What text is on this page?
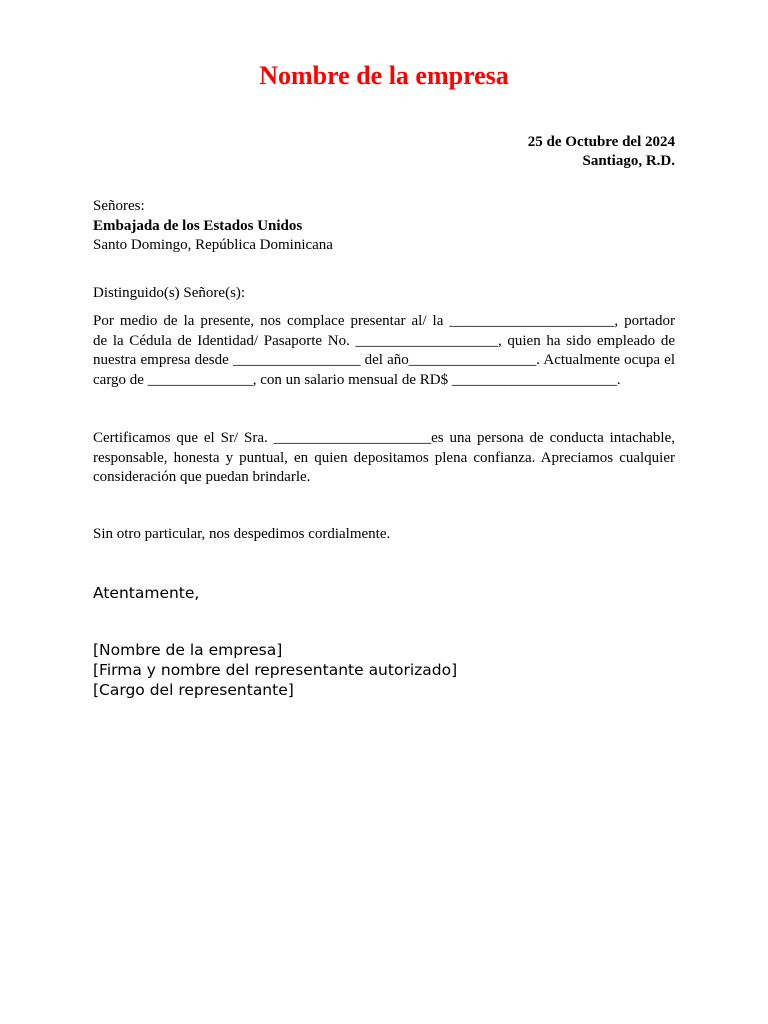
Nombre de la empresa
25 de Octubre del 2024
Santiago, R.D.
Señores:
Embajada de los Estados Unidos
Santo Domingo, República Dominicana
Distinguido(s) Señore(s):
Por medio de la presente, nos complace presentar al/ la ______________________, portador
de la Cédula de Identidad/ Pasaporte No. ___________________, quien ha sido empleado de
nuestra empresa desde _________________ del año_________________. Actualmente ocupa el
cargo de ______________, con un salario mensual de RD$ ______________________.
Certificamos que el Sr/ Sra. _____________________es una persona de conducta intachable,
responsable, honesta y puntual, en quien depositamos plena confianza. Apreciamos cualquier
consideración que puedan brindarle.
Sin otro particular, nos despedimos cordialmente.
Atentamente,
[Nombre de la empresa]
[Firma y nombre del representante autorizado]
[Cargo del representante]
